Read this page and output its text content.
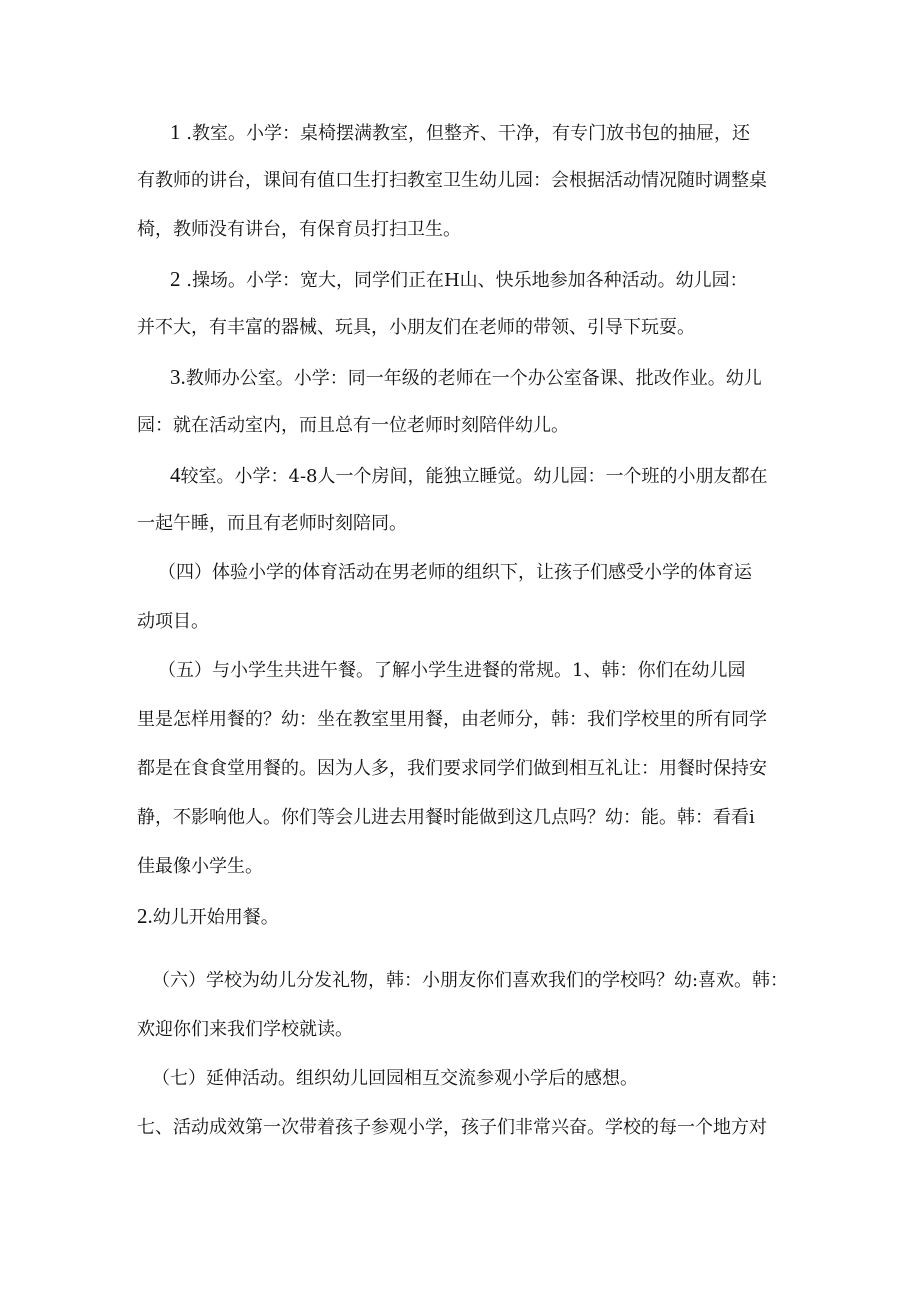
1 .教室。小学：桌椅摆满教室，但整齐、干净，有专门放书包的抽屉，还
有教师的讲台，课间有值口生打扫教室卫生幼儿园：会根据活动情况随时调整桌
椅，教师没有讲台，有保育员打扫卫生。
2 .操场。小学：宽大，同学们正在H山、快乐地参加各种活动。幼儿园：
并不大，有丰富的器械、玩具，小朋友们在老师的带领、引导下玩耍。
3.教师办公室。小学：同一年级的老师在一个办公室备课、批改作业。幼儿
园：就在活动室内，而且总有一位老师时刻陪伴幼儿。
4较室。小学：4-8人一个房间，能独立睡觉。幼儿园：一个班的小朋友都在
一起午睡，而且有老师时刻陪同。
（四）体验小学的体育活动在男老师的组织下，让孩子们感受小学的体育运
动项目。
（五）与小学生共进午餐。了解小学生进餐的常规。1、韩：你们在幼儿园
里是怎样用餐的？幼：坐在教室里用餐，由老师分，韩：我们学校里的所有同学
都是在食食堂用餐的。因为人多，我们要求同学们做到相互礼让：用餐时保持安
静，不影响他人。你们等会儿进去用餐时能做到这几点吗？幼：能。韩：看看i
佳最像小学生。
2.幼儿开始用餐。
（六）学校为幼儿分发礼物，韩：小朋友你们喜欢我们的学校吗？幼:喜欢。韩：
欢迎你们来我们学校就读。
（七）延伸活动。组织幼儿回园相互交流参观小学后的感想。
七、活动成效第一次带着孩子参观小学，孩子们非常兴奋。学校的每一个地方对
